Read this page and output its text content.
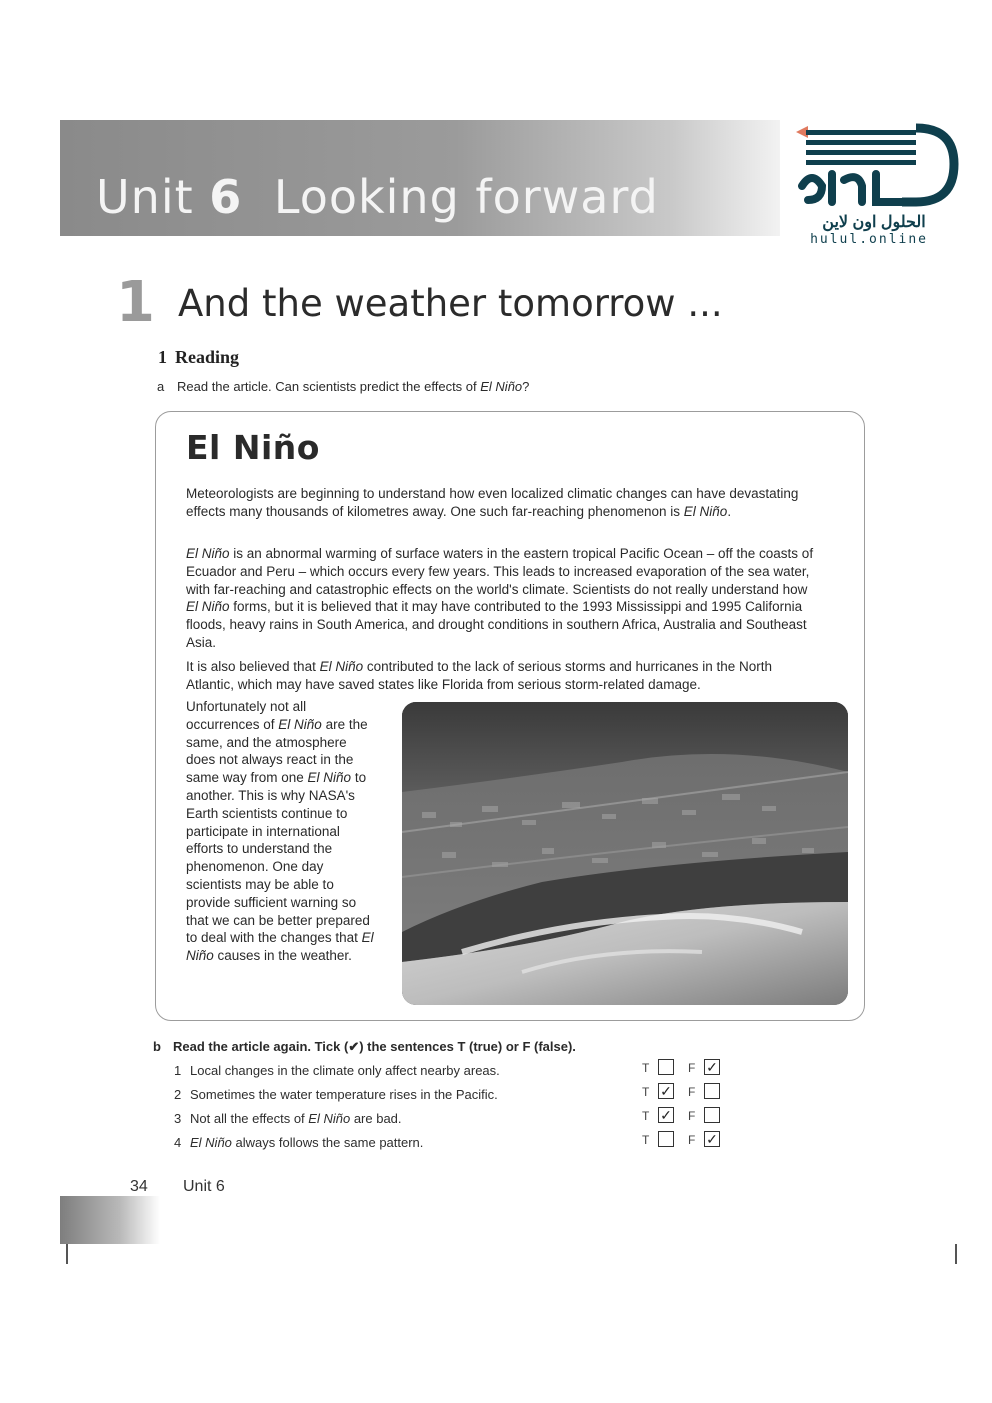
Unit 6 Looking forward	الحلول اون لاين
hulul.online
1 And the weather tomorrow ...
1 Reading
a Read the article. Can scientists predict the effects of El Niño?
El Niño

Meteorologists are beginning to understand how even localized climatic changes can have devastating effects many thousands of kilometres away. One such far-reaching phenomenon is El Niño.

El Niño is an abnormal warming of surface waters in the eastern tropical Pacific Ocean – off the coasts of Ecuador and Peru – which occurs every few years. This leads to increased evaporation of the sea water, with far-reaching and catastrophic effects on the world's climate. Scientists do not really understand how El Niño forms, but it is believed that it may have contributed to the 1993 Mississippi and 1995 California floods, heavy rains in South America, and drought conditions in southern Africa, Australia and Southeast Asia.

It is also believed that El Niño contributed to the lack of serious storms and hurricanes in the North Atlantic, which may have saved states like Florida from serious storm-related damage.

Unfortunately not all occurrences of El Niño are the same, and the atmosphere does not always react in the same way from one El Niño to another. This is why NASA's Earth scientists continue to participate in international efforts to understand the phenomenon. One day scientists may be able to provide sufficient warning so that we can be better prepared to deal with the changes that El Niño causes in the weather.

b Read the article again. Tick (✔) the sentences T (true) or F (false).
1 Local changes in the climate only affect nearby areas.	T	F ✓
2 Sometimes the water temperature rises in the Pacific.	T ✓ F
3 Not all the effects of El Niño are bad.	T ✓ F
4 El Niño always follows the same pattern.	T	F ✓
34 Unit 6
